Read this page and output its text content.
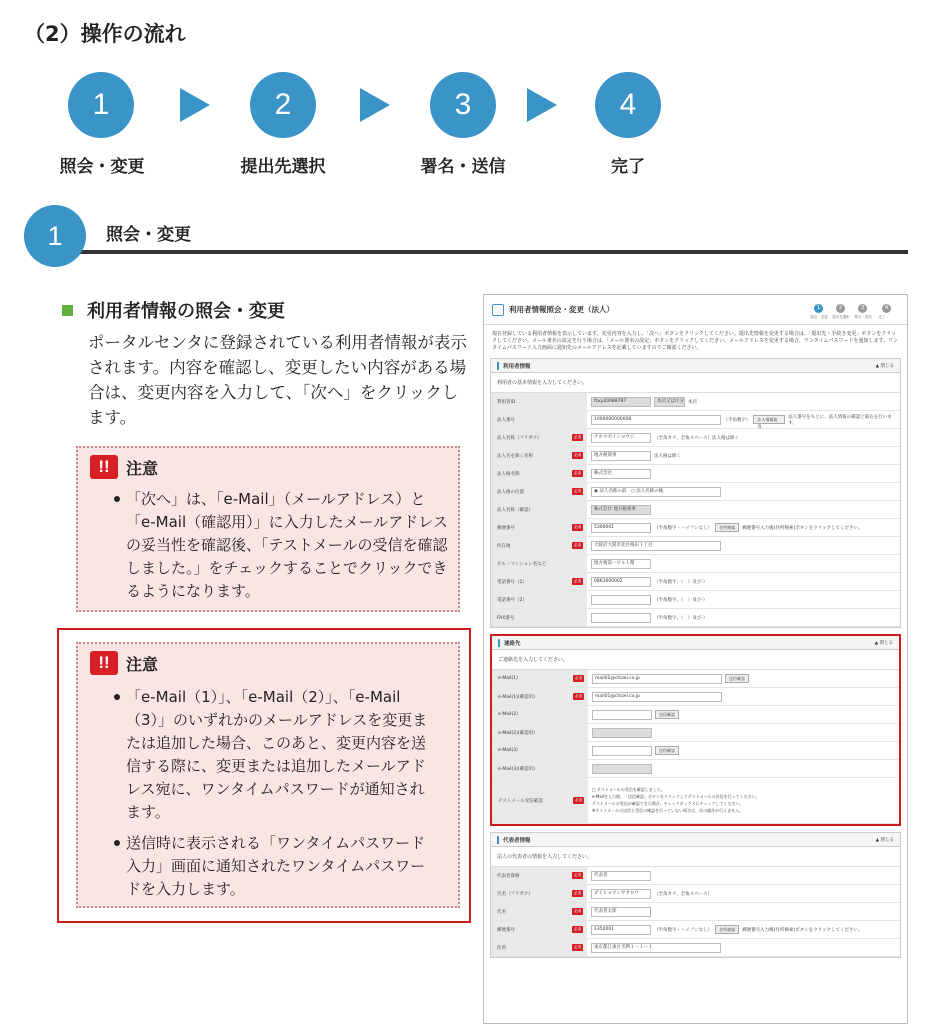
（2）操作の流れ
1	2	3	4
照会・変更	提出先選択	署名・送信	完了
1	照会・変更
利用者情報の照会・変更
ポータルセンタに登録されている利用者情報が表示されます。内容を確認し、変更したい内容がある場合は、変更内容を入力して、「次へ」をクリックします。
!!	注意
「次へ」は、「e-Mail」（メールアドレス）と「e-Mail（確認用）」に入力したメールアドレスの妥当性を確認後、「テストメールの受信を確認しました。」をチェックすることでクリックできるようになります。
!!	注意
「e-Mail（1）」、「e-Mail（2）」、「e-Mail（3）」のいずれかのメールアドレスを変更または追加した場合、このあと、変更内容を送信する際に、変更または追加したメールアドレス宛に、ワンタイムパスワードが通知されます。
送信時に表示される「ワンタイムパスワード入力」画面に通知されたワンタイムパスワードを入力します。
利用者情報照会・変更（法人）	1	2	3	4
照会・変更	提出先選択	署名・送信	完了
現在登録している利用者情報を表示しています。変更内容を入力し、「次へ」ボタンをクリックしてください。提出先情報を変更する場合は、「提出先・手続き変更」ボタンをクリックしてください。メール署名の設定を行う場合は、「メール署名の設定」ボタンをクリックしてください。メールアドレスを変更する場合、ワンタイムパスワードを通知します。ワンタイムパスワード入力画面に通知先のメールアドレスを記載していますのでご確認ください。
利用者情報	▲ 閉じる
利用者の基本情報を入力してください。
利用者ID	fzxy20088787	本店又は区分 本店
法人番号	1000000000008	（半角数字）	法人情報取得
法人番号をもとに、法人情報の確認と取込を行います。
法人名称（フリガナ）	必須	チホウゼイシヨウジ	（全角カナ、全角スペース）法人格は除く
法人名を除く名称	必須	地方税商事	法人格は除く
法人格名称	必須	株式会社
法人格の位置	必須	◉ 法人名称の前　○ 法人名称の後
法人名称（確認）	株式会社 地方税商事
郵便番号	必須	5300001	（半角数字・ハイフンなし）	住所検索	郵便番号入力後(住所検索)ボタンをクリックしてください。
所在地	必須	大阪府大阪市北区梅田１丁目
ビル・マンション名など	地方税第一ビル１階
電話番号（1）	必須	0863000002	（半角数字、（　）及び-）
電話番号（2）	（半角数字、（　）及び-）
FAX番号	（半角数字、（　）及び-）
連絡先	▲ 閉じる
ご連絡先を入力してください。
e-Mail(1)	必須	mail01@chizei.co.jp	送信確認
e-Mail(1)(確認用)	必須	mail01@chizei.co.jp
e-Mail(2)	送信確認
e-Mail(2)(確認用)
e-Mail(3)	送信確認
e-Mail(3)(確認用)
テストメール受信確認	必須
□ テストメールの受信を確認しました。
e-Mailを入力後、「送信確認」ボタンをクリックしてテストメールの送信を行ってください。
テストメールの受信が確認できた場合、チェックボックスにチェックしてください。
※テストメールの送信と受信の確認を行っていない場合は、次の操作が行えません。
代表者情報	▲ 閉じる
法人の代表者の情報を入力してください。
代表者資格	必須	代表者
氏名（フリガナ）	必須	ダイヒョウシヤタロウ	（全角カナ、全角スペース）
氏名	必須	代表者太郎
郵便番号	必須	1350001	（半角数字・ハイフンなし）	住所検索	郵便番号入力後(住所検索)ボタンをクリックしてください。
住所	必須	東京都江東区毛利１－１－１
